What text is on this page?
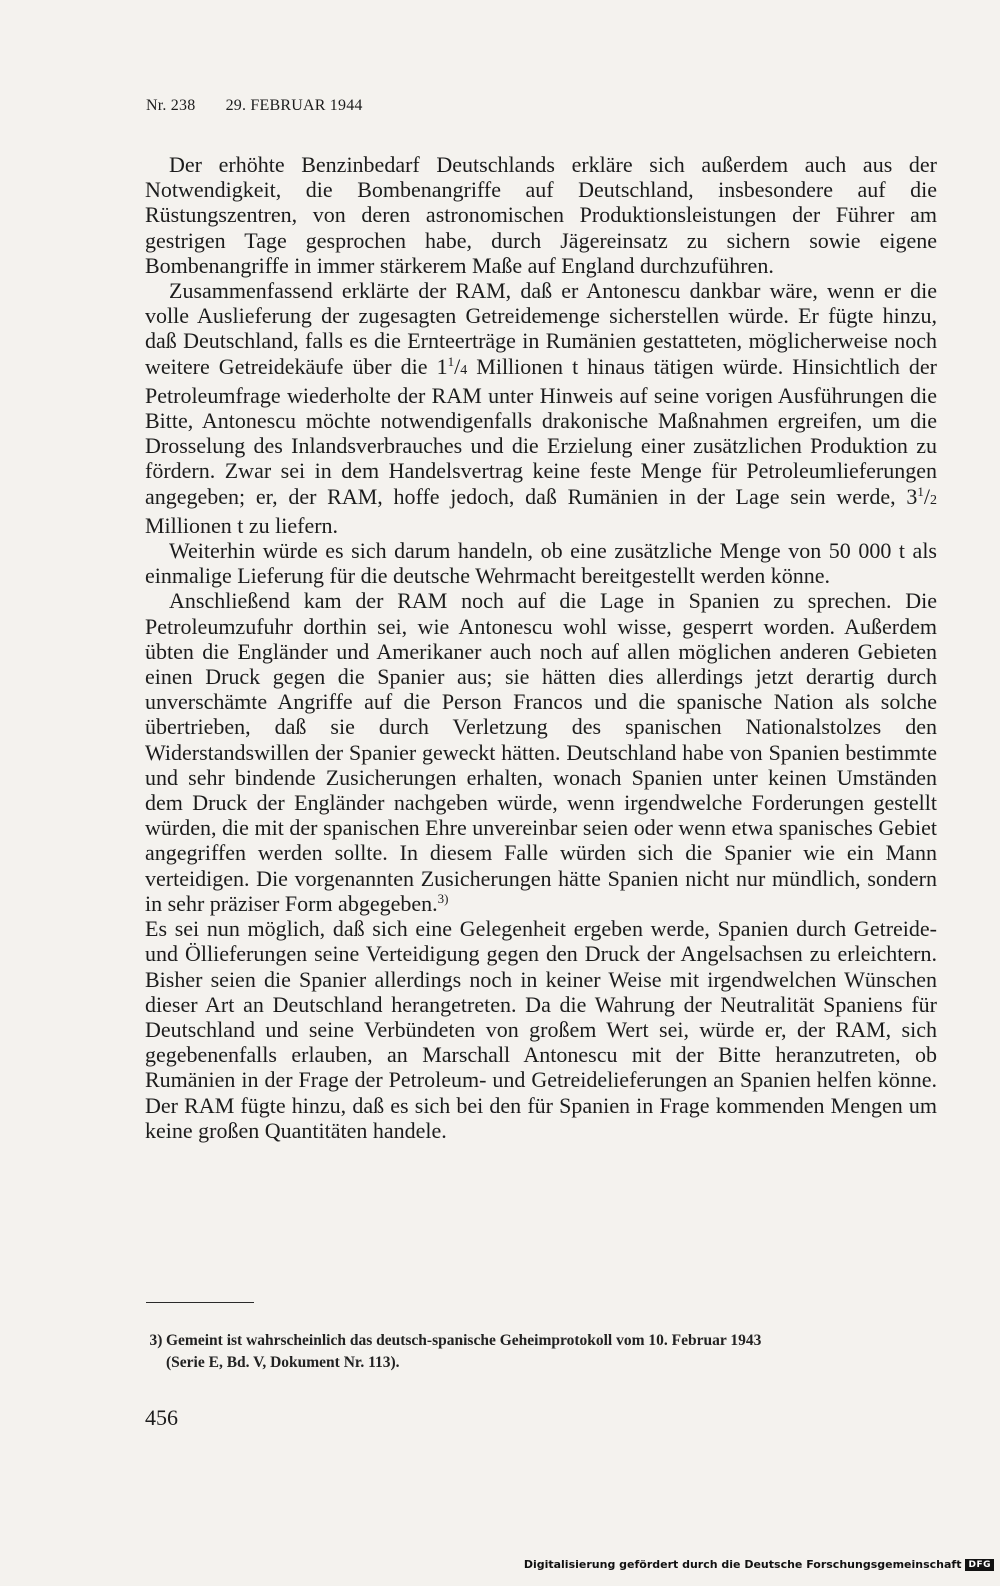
Nr. 238 29. FEBRUAR 1944

Der erhöhte Benzinbedarf Deutschlands erkläre sich außerdem auch aus der Notwendigkeit, die Bombenangriffe auf Deutschland, insbesondere auf die Rüstungszentren, von deren astronomischen Produktionsleistungen der Führer am gestrigen Tage gesprochen habe, durch Jägereinsatz zu sichern sowie eigene Bombenangriffe in immer stärkerem Maße auf England durchzuführen.

Zusammenfassend erklärte der RAM, daß er Antonescu dankbar wäre, wenn er die volle Auslieferung der zugesagten Getreidemenge sicherstellen würde. Er fügte hinzu, daß Deutschland, falls es die Ernteerträge in Rumänien gestatteten, möglicherweise noch weitere Getreidekäufe über die $1^1/4$ Millionen t hinaus tätigen würde. Hinsichtlich der Petroleumfrage wiederholte der RAM unter Hinweis auf seine vorigen Ausführungen die Bitte, Antonescu möchte notwendigenfalls drakonische Maßnahmen ergreifen, um die Drosselung des Inlandsverbrauches und die Erzielung einer zusätzlichen Produktion zu fördern. Zwar sei in dem Handelsvertrag keine feste Menge für Petroleumlieferungen angegeben; er, der RAM, hoffe jedoch, daß Rumänien in der Lage sein werde, $3^1/2$ Millionen t zu liefern.

Weiterhin würde es sich darum handeln, ob eine zusätzliche Menge von 50 000 t als einmalige Lieferung für die deutsche Wehrmacht bereitgestellt werden könne.

Anschließend kam der RAM noch auf die Lage in Spanien zu sprechen. Die Petroleumzufuhr dorthin sei, wie Antonescu wohl wisse, gesperrt worden. Außerdem übten die Engländer und Amerikaner auch noch auf allen möglichen anderen Gebieten einen Druck gegen die Spanier aus; sie hätten dies allerdings jetzt derartig durch unverschämte Angriffe auf die Person Francos und die spanische Nation als solche übertrieben, daß sie durch Verletzung des spanischen Nationalstolzes den Widerstandswillen der Spanier geweckt hätten. Deutschland habe von Spanien bestimmte und sehr bindende Zusicherungen erhalten, wonach Spanien unter keinen Umständen dem Druck der Engländer nachgeben würde, wenn irgendwelche Forderungen gestellt würden, die mit der spanischen Ehre unvereinbar seien oder wenn etwa spanisches Gebiet angegriffen werden sollte. In diesem Falle würden sich die Spanier wie ein Mann verteidigen. Die vorgenannten Zusicherungen hätte Spanien nicht nur mündlich, sondern in sehr präziser Form abgegeben.$^{3)}$

Es sei nun möglich, daß sich eine Gelegenheit ergeben werde, Spanien durch Getreide- und Öllieferungen seine Verteidigung gegen den Druck der Angelsachsen zu erleichtern. Bisher seien die Spanier allerdings noch in keiner Weise mit irgendwelchen Wünschen dieser Art an Deutschland herangetreten. Da die Wahrung der Neutralität Spaniens für Deutschland und seine Verbündeten von großem Wert sei, würde er, der RAM, sich gegebenenfalls erlauben, an Marschall Antonescu mit der Bitte heranzutreten, ob Rumänien in der Frage der Petroleum- und Getreidelieferungen an Spanien helfen könne. Der RAM fügte hinzu, daß es sich bei den für Spanien in Frage kommenden Mengen um keine großen Quantitäten handele.

3) Gemeint ist wahrscheinlich das deutsch-spanische Geheimprotokoll vom 10. Februar 1943
(Serie E, Bd. V, Dokument Nr. 113).
456
Digitalisierung gefördert durch die Deutsche Forschungsgemeinschaft DFG
